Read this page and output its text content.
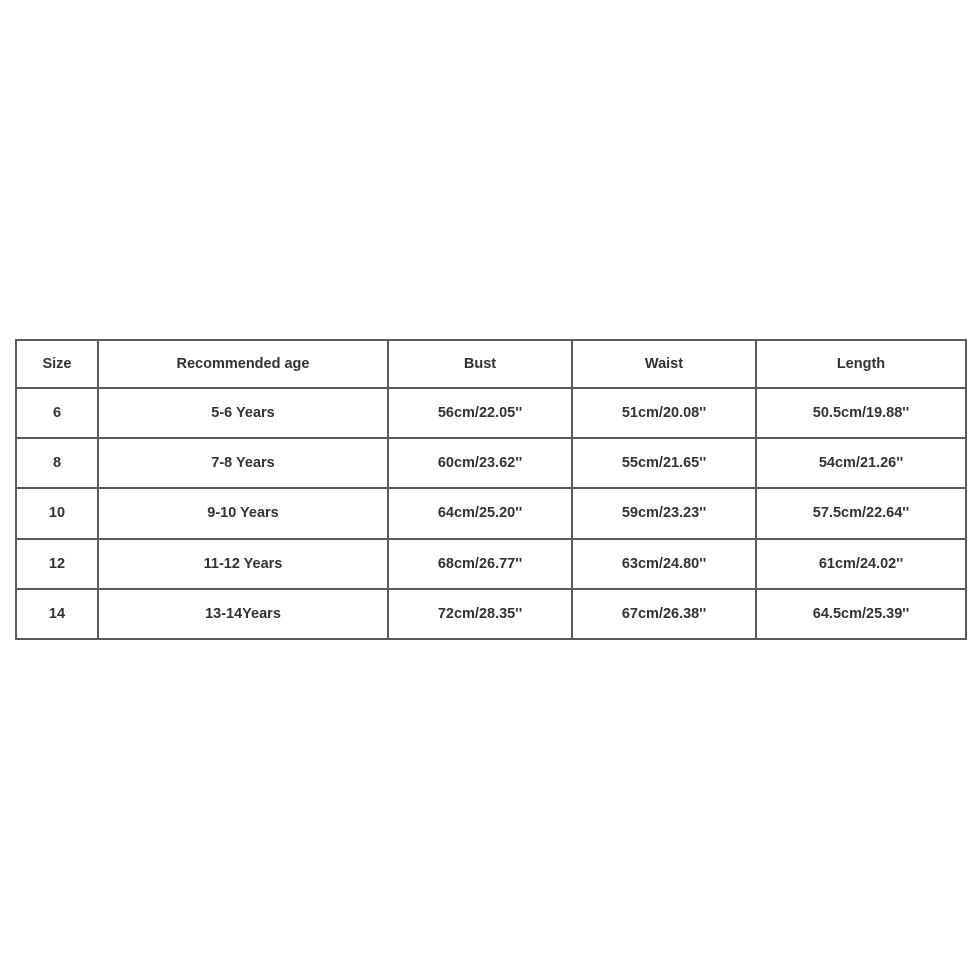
Size	Recommended age	Bust	Waist	Length
6	5-6 Years	56cm/22.05''	51cm/20.08''	50.5cm/19.88''
8	7-8 Years	60cm/23.62''	55cm/21.65''	54cm/21.26''
10	9-10 Years	64cm/25.20''	59cm/23.23''	57.5cm/22.64''
12	11-12 Years	68cm/26.77''	63cm/24.80''	61cm/24.02''
14	13-14Years	72cm/28.35''	67cm/26.38''	64.5cm/25.39''
